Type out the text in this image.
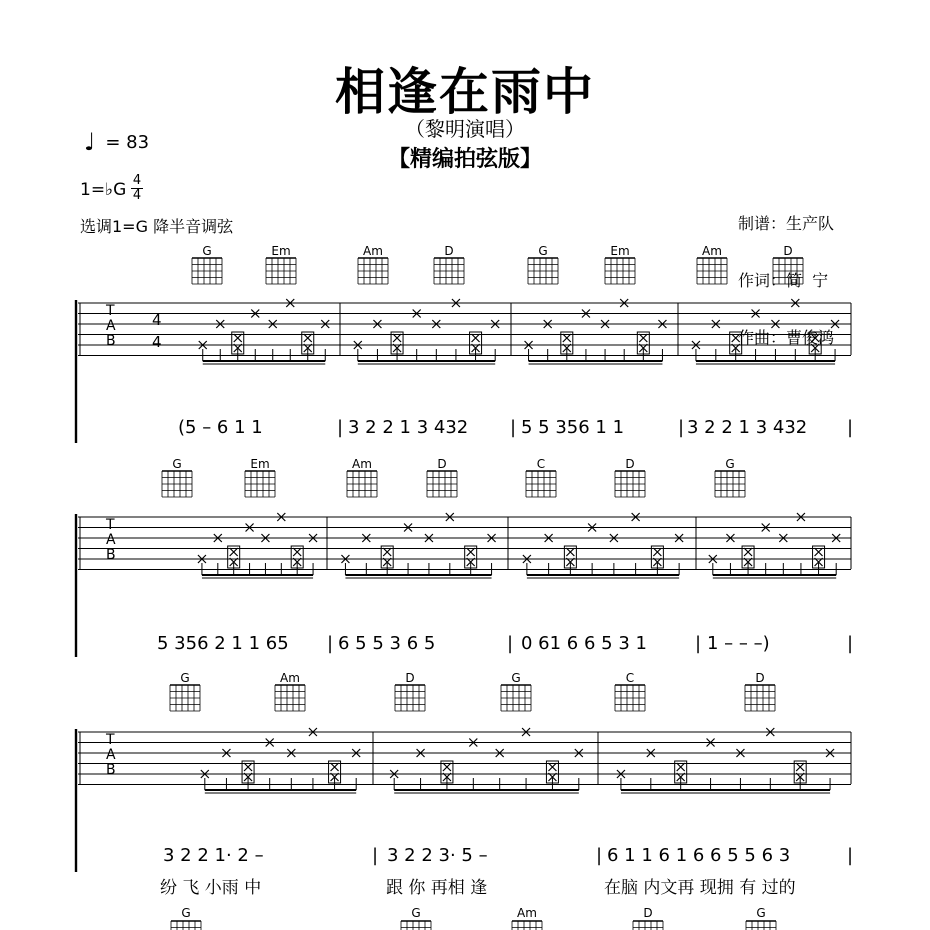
相逢在雨中
（黎明演唱）
【精编拍弦版】
♩ = 83
1=♭G 4
4
选调1=G 降半音调弦

	制谱：生产队

作词：简  宁

作曲：曹俊鸿

G	Em	Am	D	G	Em	Am	D
G	Em	Am	D	C	D	G
G	Am	D	G	C	D
G	G	Am	D	G
T
A
B
4
4
T
A
B
T
A
B
(5 – 6 1 1	| 3 2 2 1 3 432 | 5 5 356 1 1	| 3 2 2 1 3 432 |
5 356 2 1 1 65 | 6 5 5 3 6 5	| 0 61 6 6 5 3 1	| 1 – – –)	|
3 2 2 1· 2 –	| 3 2 2 3· 5 –	| 6 1 1 6 1 6 6 5 5 6 3	|
纷 飞 小雨 中	跟 你 再相 逢	在脑 内文再 现拥 有 过的
